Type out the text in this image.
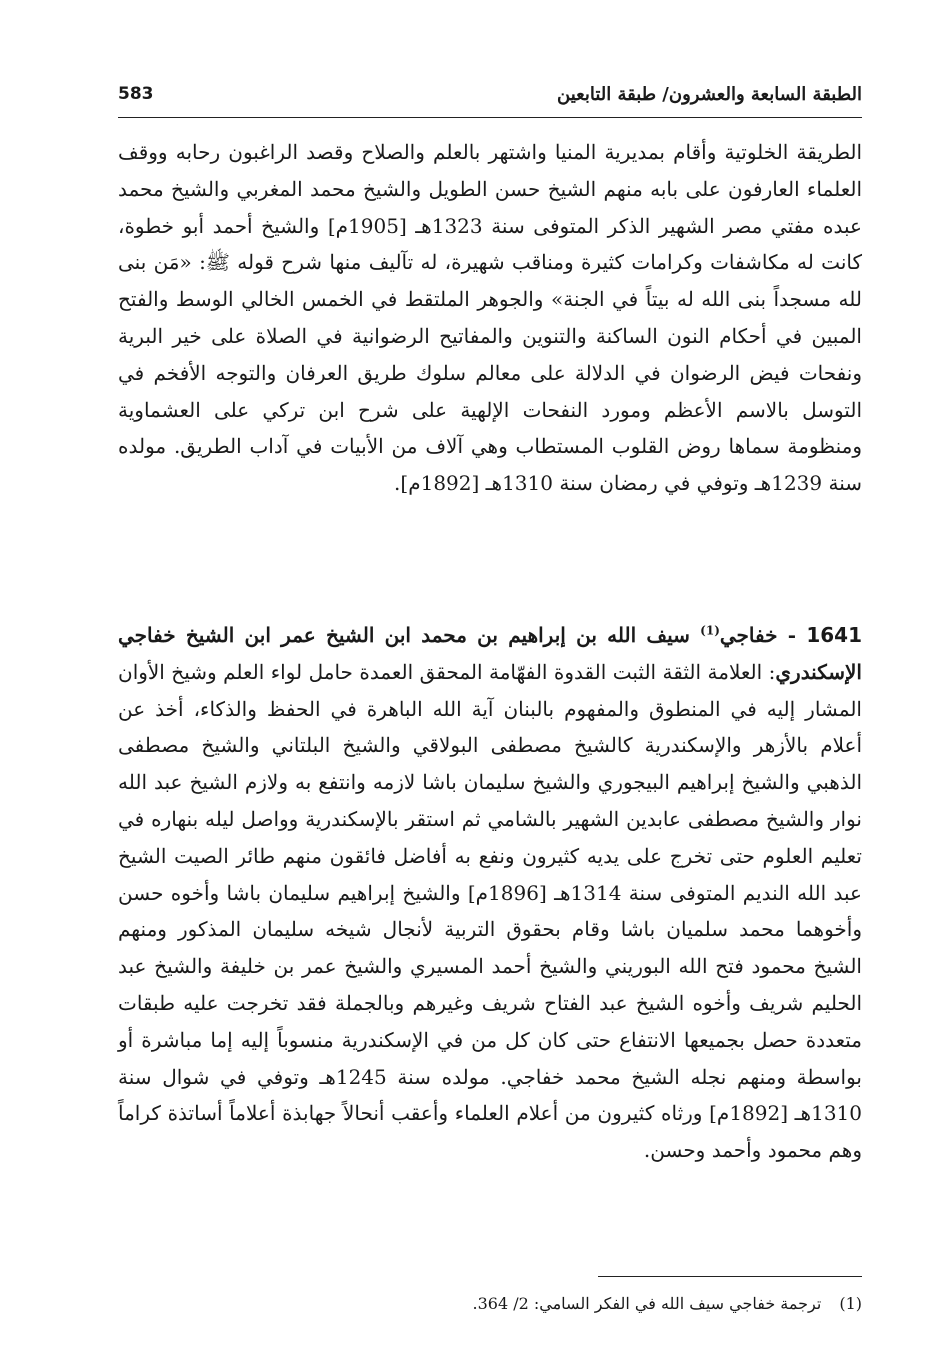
الطبقة السابعة والعشرون/ طبقة التابعين
583
الطريقة الخلوتية وأقام بمديرية المنيا واشتهر بالعلم والصلاح وقصد الراغبون رحابه ووقف العلماء العارفون على بابه منهم الشيخ حسن الطويل والشيخ محمد المغربي والشيخ محمد عبده مفتي مصر الشهير الذكر المتوفى سنة 1323هـ [1905م] والشيخ أحمد أبو خطوة، كانت له مكاشفات وكرامات كثيرة ومناقب شهيرة، له تآليف منها شرح قوله ﷺ: «مَن بنى لله مسجداً بنى الله له بيتاً في الجنة» والجوهر الملتقط في الخمس الخالي الوسط والفتح المبين في أحكام النون الساكنة والتنوين والمفاتيح الرضوانية في الصلاة على خير البرية ونفحات فيض الرضوان في الدلالة على معالم سلوك طريق العرفان والتوجه الأفخم في التوسل بالاسم الأعظم ومورد النفحات الإلهية على شرح ابن تركي على العشماوية ومنظومة سماها روض القلوب المستطاب وهي آلاف من الأبيات في آداب الطريق. مولده سنة 1239هـ وتوفي في رمضان سنة 1310هـ [1892م].
1641 - خفاجي$^{(1)}$ سيف الله بن إبراهيم بن محمد ابن الشيخ عمر ابن الشيخ خفاجي الإسكندري: العلامة الثقة الثبت القدوة الفهّامة المحقق العمدة حامل لواء العلم وشيخ الأوان المشار إليه في المنطوق والمفهوم بالبنان آية الله الباهرة في الحفظ والذكاء، أخذ عن أعلام بالأزهر والإسكندرية كالشيخ مصطفى البولاقي والشيخ البلتاني والشيخ مصطفى الذهبي والشيخ إبراهيم البيجوري والشيخ سليمان باشا لازمه وانتفع به ولازم الشيخ عبد الله نوار والشيخ مصطفى عابدين الشهير بالشامي ثم استقر بالإسكندرية وواصل ليله بنهاره في تعليم العلوم حتى تخرج على يديه كثيرون ونفع به أفاضل فائقون منهم طائر الصيت الشيخ عبد الله النديم المتوفى سنة 1314هـ [1896م] والشيخ إبراهيم سليمان باشا وأخوه حسن وأخوهما محمد سلميان باشا وقام بحقوق التربية لأنجال شيخه سليمان المذكور ومنهم الشيخ محمود فتح الله البوريني والشيخ أحمد المسيري والشيخ عمر بن خليفة والشيخ عبد الحليم شريف وأخوه الشيخ عبد الفتاح شريف وغيرهم وبالجملة فقد تخرجت عليه طبقات متعددة حصل بجميعها الانتفاع حتى كان كل من في الإسكندرية منسوباً إليه إما مباشرة أو بواسطة ومنهم نجله الشيخ محمد خفاجي. مولده سنة 1245هـ وتوفي في شوال سنة 1310هـ [1892م] ورثاه كثيرون من أعلام العلماء وأعقب أنحالاً جهابذة أعلاماً أساتذة كراماً وهم محمود وأحمد وحسن.
(1)ترجمة خفاجي سيف الله في الفكر السامي: 2/ 364.
